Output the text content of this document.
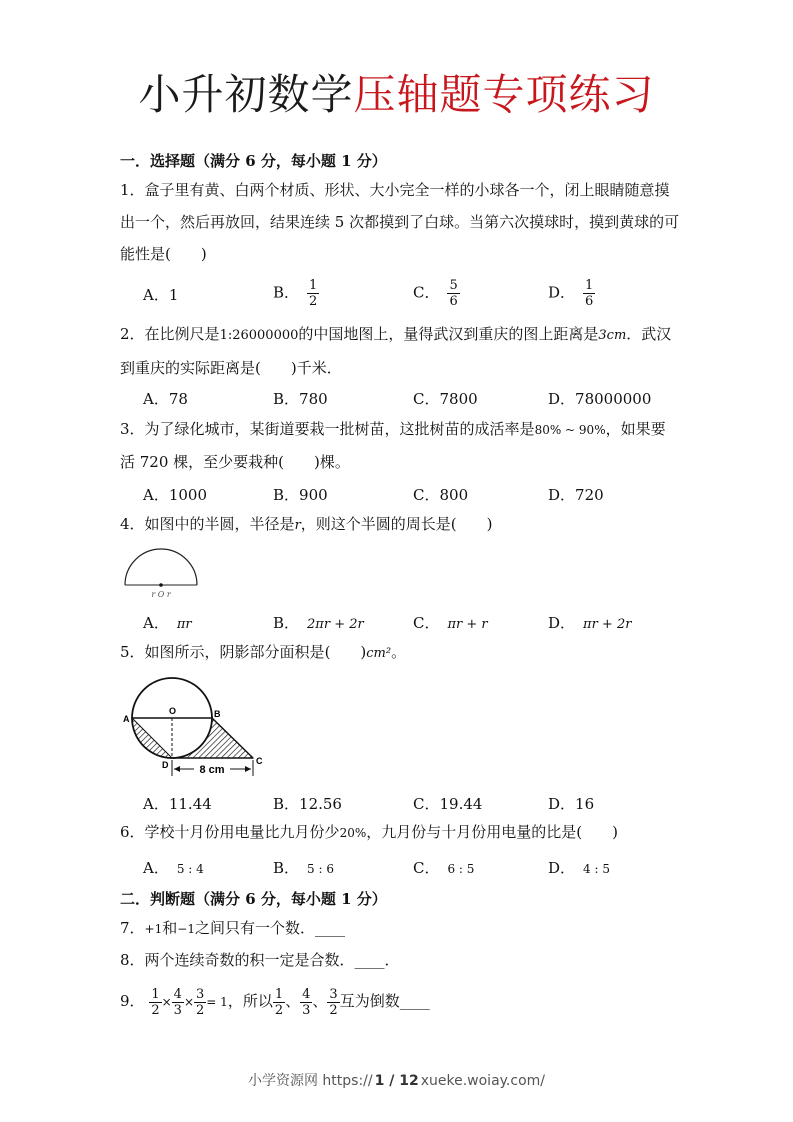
小升初数学压轴题专项练习
一．选择题（满分 6 分，每小题 1 分）
1．盒子里有黄、白两个材质、形状、大小完全一样的小球各一个，闭上眼睛随意摸出一个，然后再放回，结果连续 5 次都摸到了白球。当第六次摸球时，摸到黄球的可能性是(　　)
A．1	B． $\frac{1}{2}$	C． $\frac{5}{6}$	D． $\frac{1}{6}$
2．在比例尺是1:26000000的中国地图上，量得武汉到重庆的图上距离是3cm．武汉到重庆的实际距离是(　　)千米．
A．78	B．780	C．7800	D．78000000
3．为了绿化城市，某街道要栽一批树苗，这批树苗的成活率是80% ~ 90%，如果要活 720 棵，至少要栽种(　　)棵。
A．1000	B．900	C．800	D．720
4．如图中的半圆，半径是r，则这个半圆的周长是(　　)
r O r
A． πr	B． 2πr + 2r	C． πr + r	D． πr + 2r
5．如图所示，阴影部分面积是(　　)cm²。
8 cm
A
O	B
C
D
A．11.44	B．12.56	C．19.44	D．16
6．学校十月份用电量比九月份少20%，九月份与十月份用电量的比是(　　)
A． 5 : 4	B． 5 : 6	C． 6 : 5	D． 4 : 5
二．判断题（满分 6 分，每小题 1 分）
7．+1和−1之间只有一个数．____
8．两个连续奇数的积一定是合数．____．
9． $\frac{1}{2} \times \frac{4}{3} \times \frac{3}{2} = 1$，所以 $\frac{1}{2}$ 、 $\frac{4}{3}$ 、 $\frac{3}{2}$ 互为倒数____
小学资源网 https:// 1 / 12 xueke.woiay.com/
